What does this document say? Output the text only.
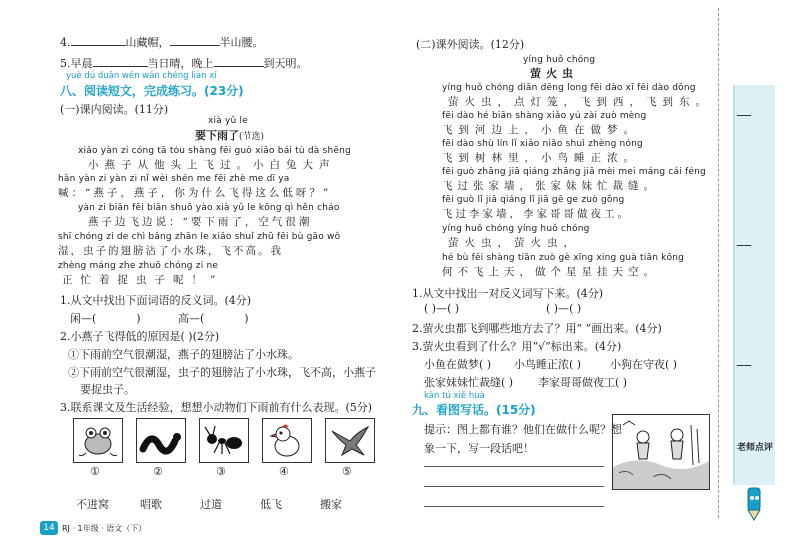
4.	山藏帽，	半山腰。
5.早晨	当日晴，晚上	到天明。
yuè dú duǎn wén wán chéng liàn xí
八、阅读短文，完成练习。(23分)
(一)课内阅读。(11分)
xià yǔ le
要下雨了(节选)
xiǎo yàn zi cóng tā tóu shàng fēi guò xiǎo bái tù dà shēng
小燕子从他头上飞过。小白兔大声
hǎn yàn zi yàn zi nǐ wèi shén me fēi zhè me dī ya
喊：“燕子，燕子，你为什么飞得这么低呀？”
yàn zi biān fēi biān shuō yào xià yǔ le kōng qì hěn cháo
燕子边飞边说：“要下雨了，空气很潮
shī chóng zi de chì bǎng zhān le xiǎo shuǐ zhū fēi bù gāo wǒ
湿，虫子的翅膀沾了小水珠，飞不高。我
zhèng máng zhe zhuō chóng zi ne
正忙着捉虫子呢！”
1.从文中找出下面词语的反义词。(4分)
闲—(	)	高—(	)
2.小燕子飞得低的原因是( )(2分)
①下雨前空气很潮湿，燕子的翅膀沾了小水珠。
②下雨前空气很潮湿，虫子的翅膀沾了小水珠，飞不高，小燕子
要捉虫子。
3.联系课文及生活经验，想想小动物们下雨前有什么表现。(5分)
①	②	③	④	⑤
不进窝	唱歌	过道	低飞	搬家
14 RJ · 1年级 · 语文（下）
(二)课外阅读。(12分)
yíng huǒ chóng
萤火虫
yíng huǒ chóng diǎn dēng long fēi dào xī fēi dào dōng
萤火虫，点灯笼，飞到西，飞到东。
fēi dào hé biān shàng xiǎo yú zài zuò mèng
飞到河边上，小鱼在做梦。
fēi dào shù lín lǐ xiǎo niǎo shuì zhèng nóng
飞到树林里，小鸟睡正浓。
fēi guò zhāng jiā qiáng zhāng jiā mèi mei máng cái féng
飞过张家墙，张家妹妹忙裁缝。
fēi guò lǐ jiā qiáng lǐ jiā gē ge zuò gōng
飞过李家墙，李家哥哥做夜工。
yíng huǒ chóng yíng huǒ chóng
萤火虫，萤火虫，
hé bù fēi shàng tiān zuò gè xīng xing guà tiān kōng
何不飞上天，做个星星挂天空。
1.从文中找出一对反义词写下来。(4分)
( )—( )	( )—( )
2.萤火虫都飞到哪些地方去了？用“ ”画出来。(4分)
3.萤火虫看到了什么？用“√”标出来。(4分)
小鱼在做梦( ) 小鸟睡正浓( )	小狗在守夜( )
张家妹妹忙裁缝( ) 李家哥哥做夜工( )
kàn tú xiě huà
九、看图写话。(15分)
提示：图上都有谁？他们在做什么呢？想
象一下，写一段话吧！	老师点评
